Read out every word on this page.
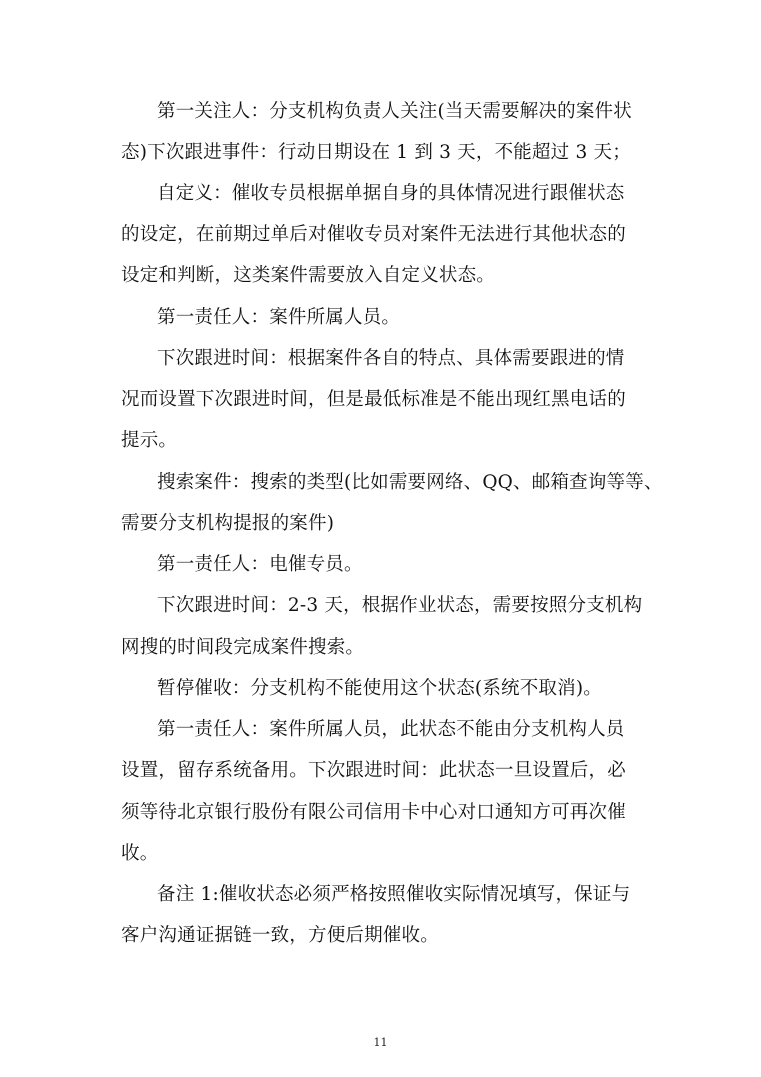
第一关注人：分支机构负责人关注(当天需要解决的案件状
态)下次跟进事件：行动日期设在 1 到 3 天，不能超过 3 天；
自定义：催收专员根据单据自身的具体情况进行跟催状态
的设定，在前期过单后对催收专员对案件无法进行其他状态的
设定和判断，这类案件需要放入自定义状态。
第一责任人：案件所属人员。
下次跟进时间：根据案件各自的特点、具体需要跟进的情
况而设置下次跟进时间，但是最低标准是不能出现红黑电话的
提示。
搜索案件：搜索的类型(比如需要网络、QQ、邮箱查询等等、
需要分支机构提报的案件)
第一责任人：电催专员。
下次跟进时间：2-3 天，根据作业状态，需要按照分支机构
网搜的时间段完成案件搜索。
暂停催收：分支机构不能使用这个状态(系统不取消)。
第一责任人：案件所属人员，此状态不能由分支机构人员
设置，留存系统备用。下次跟进时间：此状态一旦设置后，必
须等待北京银行股份有限公司信用卡中心对口通知方可再次催
收。
备注 1:催收状态必须严格按照催收实际情况填写，保证与
客户沟通证据链一致，方便后期催收。
11
